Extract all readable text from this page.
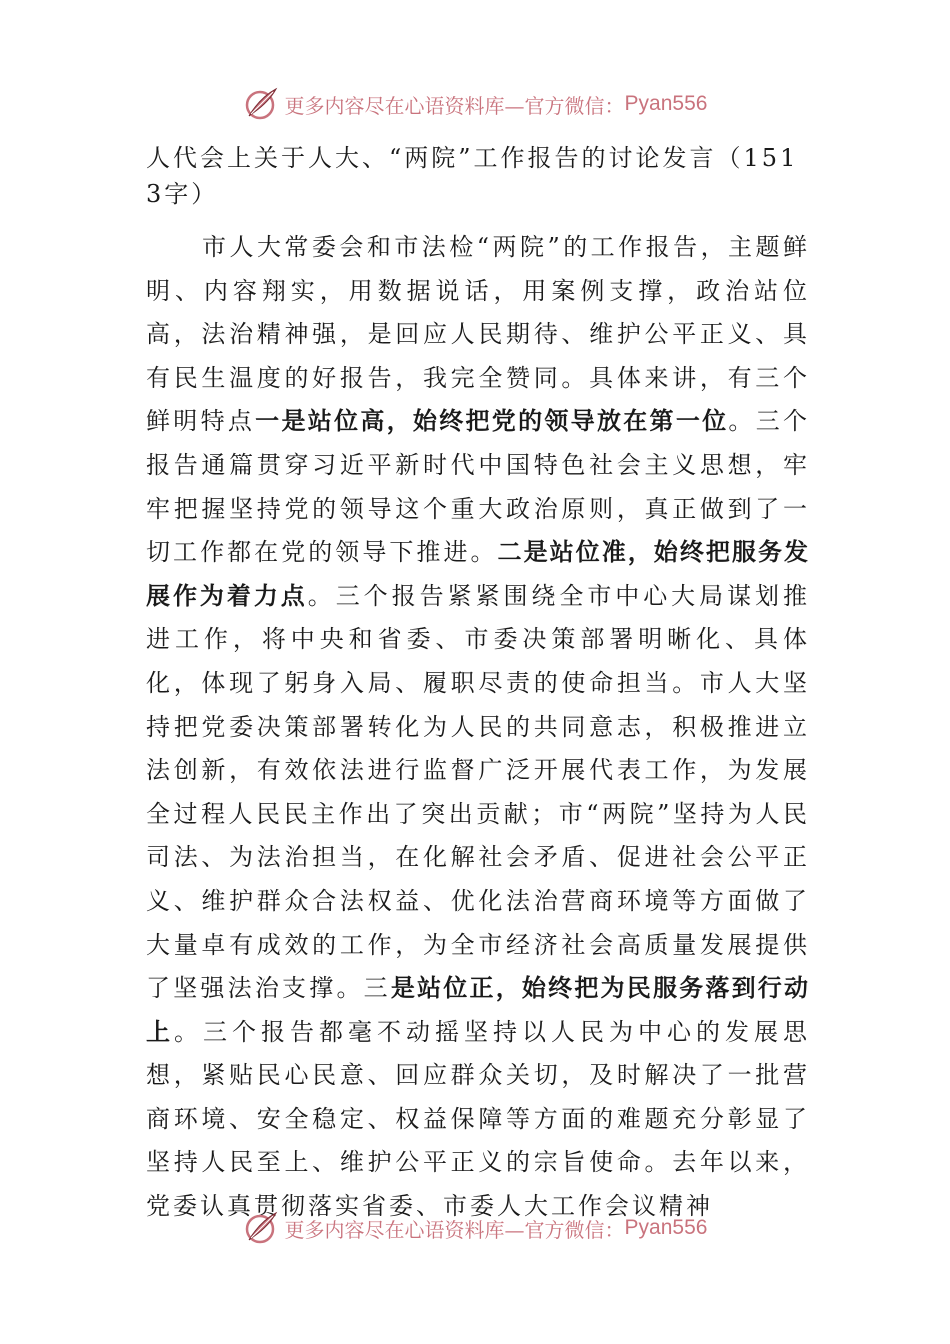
更多内容尽在心语资料库—官方微信： Pyan556

人代会上关于人大、“两院”工作报告的讨论发言（1513字）

市人大常委会和市法检“两院”的工作报告，主题鲜明、内容翔实，用数据说话，用案例支撑，政治站位高，法治精神强，是回应人民期待、维护公平正义、具有民生温度的好报告，我完全赞同。具体来讲，有三个鲜明特点一是站位高，始终把党的领导放在第一位。三个报告通篇贯穿习近平新时代中国特色社会主义思想，牢牢把握坚持党的领导这个重大政治原则，真正做到了一切工作都在党的领导下推进。二是站位准，始终把服务发展作为着力点。三个报告紧紧围绕全市中心大局谋划推进工作，将中央和省委、市委决策部署明晰化、具体化，体现了躬身入局、履职尽责的使命担当。市人大坚持把党委决策部署转化为人民的共同意志，积极推进立法创新，有效依法进行监督广泛开展代表工作，为发展全过程人民民主作出了突出贡献；市“两院”坚持为人民司法、为法治担当，在化解社会矛盾、促进社会公平正义、维护群众合法权益、优化法治营商环境等方面做了大量卓有成效的工作，为全市经济社会高质量发展提供了坚强法治支撑。三是站位正，始终把为民服务落到行动上。三个报告都毫不动摇坚持以人民为中心的发展思想，紧贴民心民意、回应群众关切，及时解决了一批营商环境、安全稳定、权益保障等方面的难题充分彰显了坚持人民至上、维护公平正义的宗旨使命。去年以来，党委认真贯彻落实省委、市委人大工作会议精神

更多内容尽在心语资料库—官方微信： Pyan556
